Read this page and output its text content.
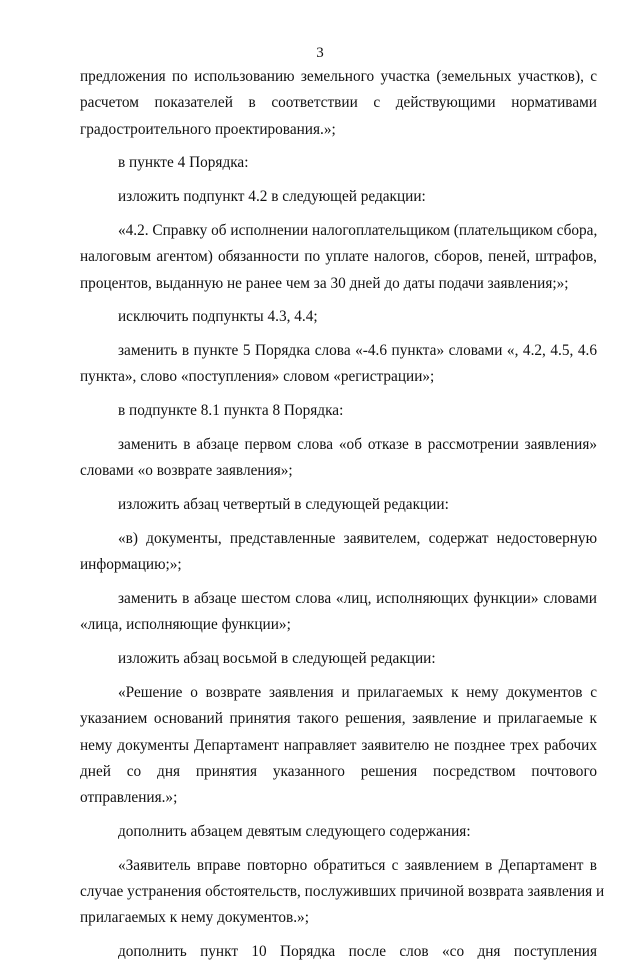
3
предложения по использованию земельного участка (земельных участков), с
расчетом показателей в соответствии с действующими нормативами
градостроительного проектирования.»;
в пункте 4 Порядка:
изложить подпункт 4.2 в следующей редакции:
«4.2. Справку об исполнении налогоплательщиком (плательщиком сбора,
налоговым агентом) обязанности по уплате налогов, сборов, пеней, штрафов,
процентов, выданную не ранее чем за 30 дней до даты подачи заявления;»;
исключить подпункты 4.3, 4.4;
заменить в пункте 5 Порядка слова «-4.6 пункта» словами «, 4.2, 4.5, 4.6
пункта», слово «поступления» словом «регистрации»;
в подпункте 8.1 пункта 8 Порядка:
заменить в абзаце первом слова «об отказе в рассмотрении заявления»
словами «о возврате заявления»;
изложить абзац четвертый в следующей редакции:
«в) документы, представленные заявителем, содержат недостоверную
информацию;»;
заменить в абзаце шестом слова «лиц, исполняющих функции» словами
«лица, исполняющие функции»;
изложить абзац восьмой в следующей редакции:
«Решение о возврате заявления и прилагаемых к нему документов с
указанием оснований принятия такого решения, заявление и прилагаемые к
нему документы Департамент направляет заявителю не позднее трех рабочих
дней со дня принятия указанного решения посредством почтового
отправления.»;
дополнить абзацем девятым следующего содержания:
«Заявитель вправе повторно обратиться с заявлением в Департамент в
случае устранения обстоятельств, послуживших причиной возврата заявления и
прилагаемых к нему документов.»;
дополнить пункт 10 Порядка после слов «со дня поступления
